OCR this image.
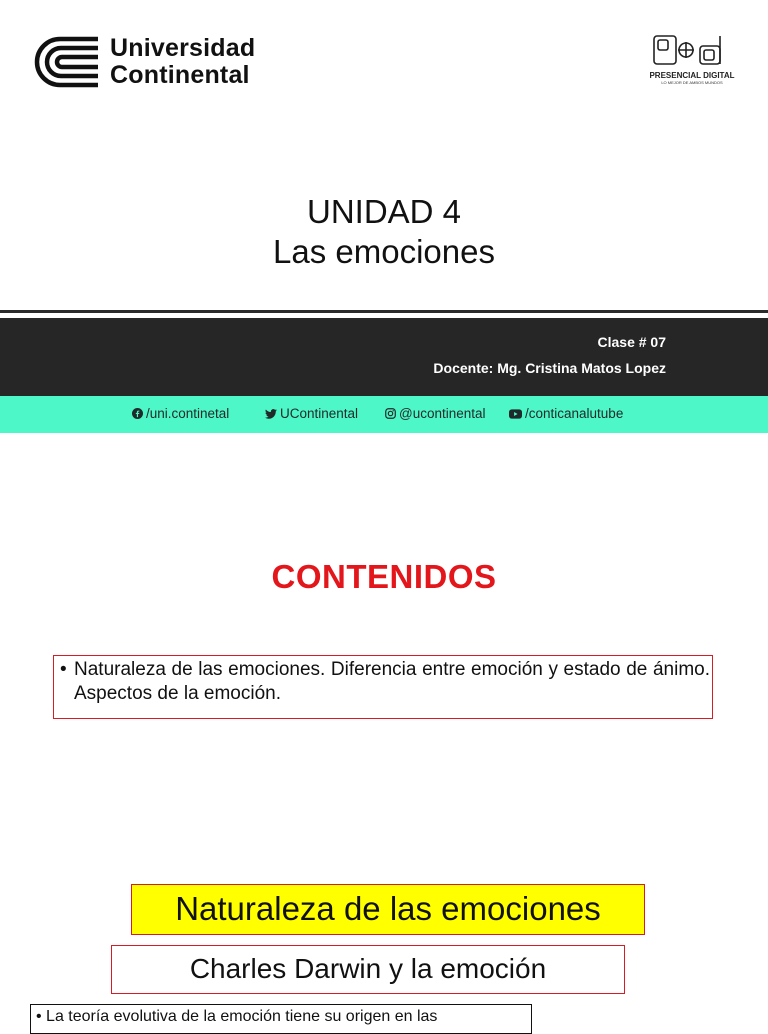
Universidad
Continental	PRESENCIAL DIGITAL
LO MEJOR DE AMBOS MUNDOS
UNIDAD 4
Las emociones
Clase # 07
Docente: Mg. Cristina Matos Lopez
/uni.continetal	UContinental	@ucontinental	/conticanalutube
CONTENIDOS
• Naturaleza de las emociones. Diferencia entre emoción y estado de ánimo. Aspectos de la emoción.
Naturaleza de las emociones
Charles Darwin y la emoción
• La teoría evolutiva de la emoción tiene su origen en las
